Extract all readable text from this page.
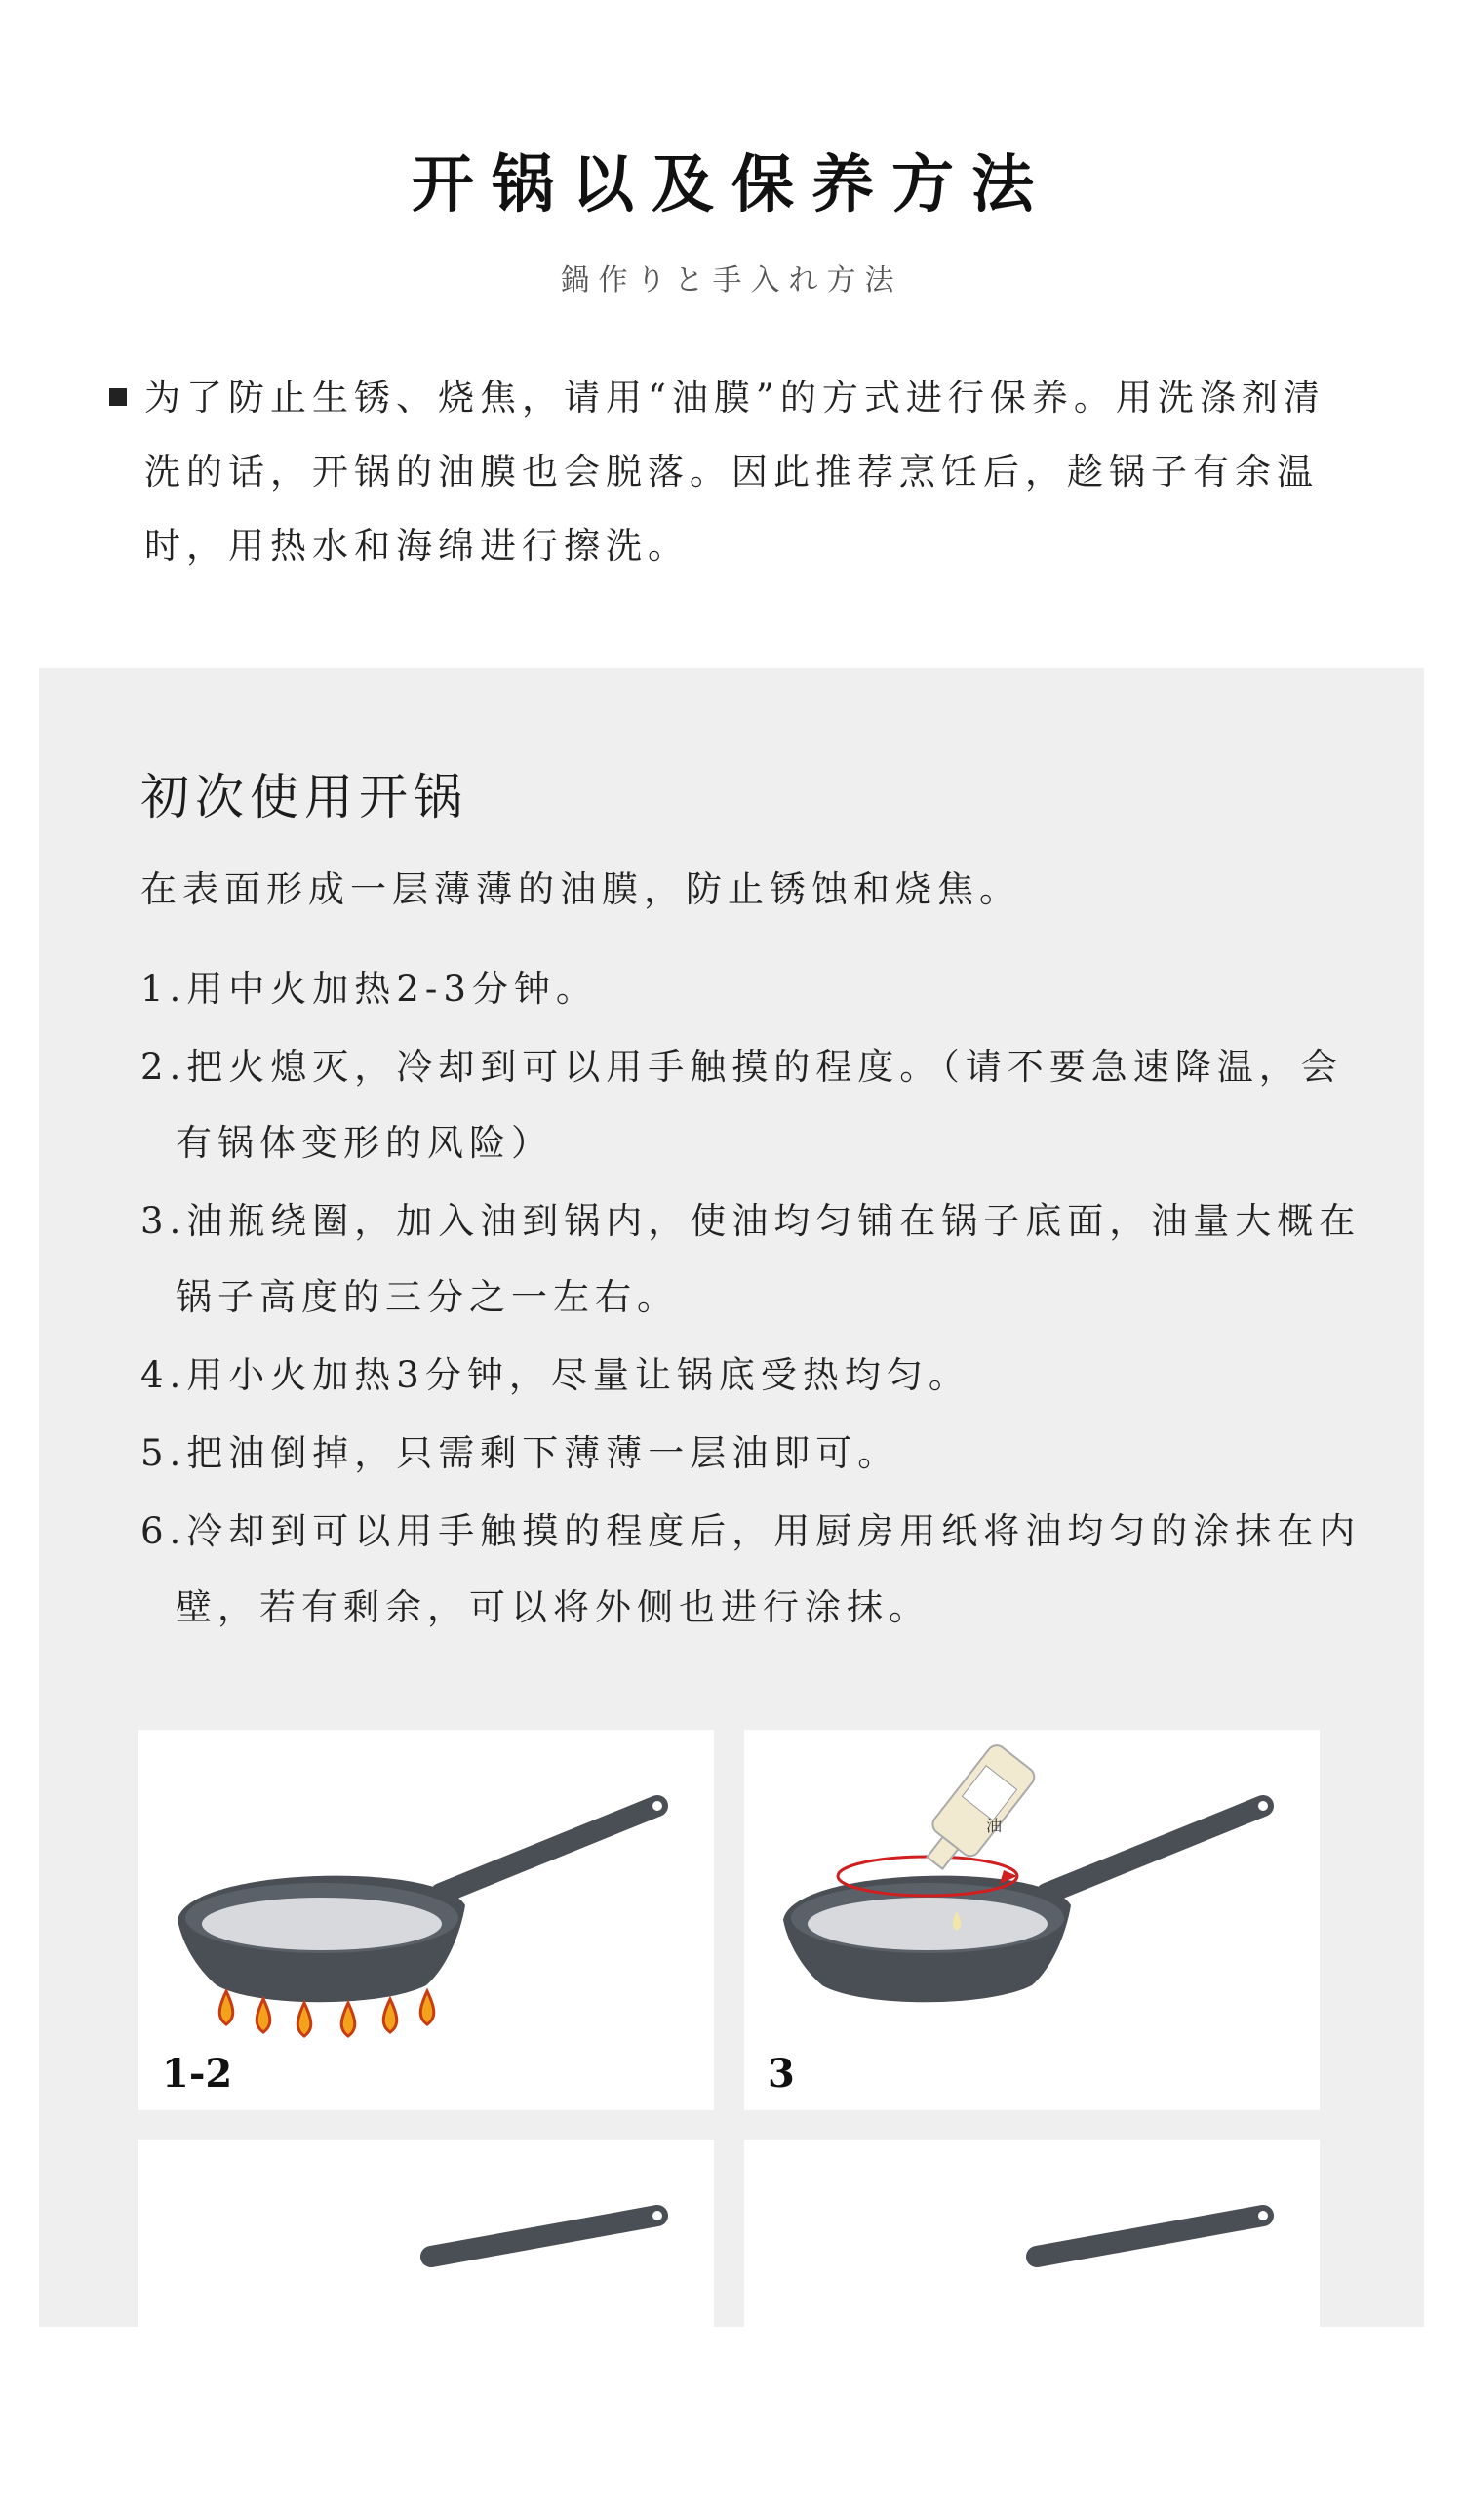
开锅以及保养方法
鍋作りと手入れ方法
为了防止生锈、烧焦，请用“油膜”的方式进行保养。用洗涤剂清洗的话，开锅的油膜也会脱落。因此推荐烹饪后，趁锅子有余温时，用热水和海绵进行擦洗。
初次使用开锅
在表面形成一层薄薄的油膜，防止锈蚀和烧焦。
1.用中火加热2-3分钟。
2.把火熄灭，冷却到可以用手触摸的程度。（请不要急速降温，会有锅体变形的风险）
3.油瓶绕圈，加入油到锅内，使油均匀铺在锅子底面，油量大概在锅子高度的三分之一左右。
4.用小火加热3分钟，尽量让锅底受热均匀。
5.把油倒掉，只需剩下薄薄一层油即可。
6.冷却到可以用手触摸的程度后，用厨房用纸将油均匀的涂抹在内壁，若有剩余，可以将外侧也进行涂抹。
1-2
油
3
